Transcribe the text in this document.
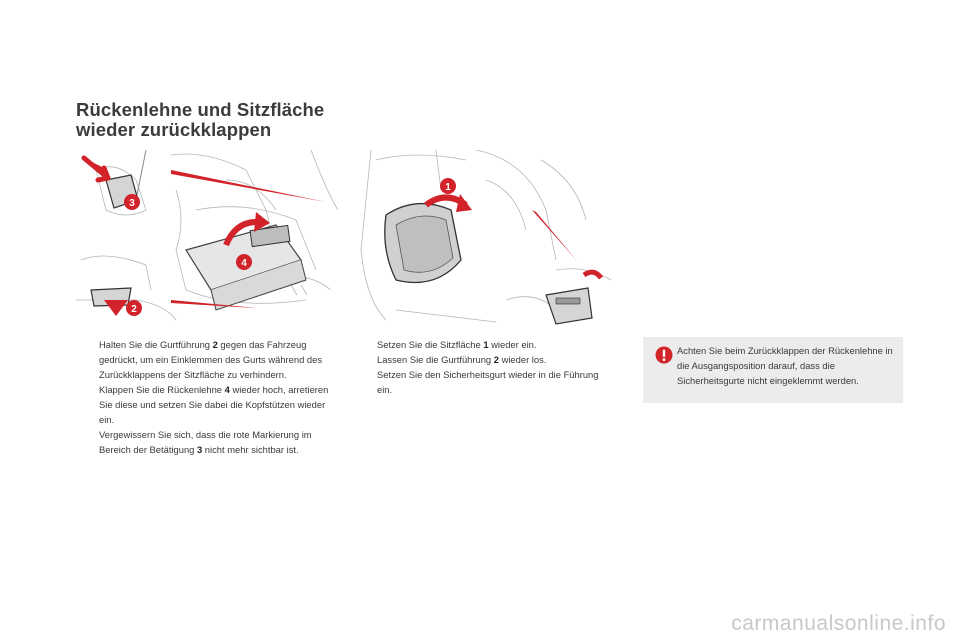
Rückenlehne und Sitzfläche
wieder zurückklappen
3
4
2
1
Halten Sie die Gurtführung 2 gegen das Fahrzeug gedrückt, um ein Einklemmen des Gurts während des Zurückklappens der Sitzfläche zu verhindern.
Klappen Sie die Rückenlehne 4 wieder hoch, arretieren Sie diese und setzen Sie dabei die Kopfstützen wieder ein.
Vergewissern Sie sich, dass die rote Markierung im Bereich der Betätigung 3 nicht mehr sichtbar ist.
Setzen Sie die Sitzfläche 1 wieder ein.
Lassen Sie die Gurtführung 2 wieder los.
Setzen Sie den Sicherheitsgurt wieder in die Führung ein.

Achten Sie beim Zurückklappen der Rückenlehne in die Ausgangsposition darauf, dass die Sicherheitsgurte nicht eingeklemmt werden.

carmanualsonline.info
